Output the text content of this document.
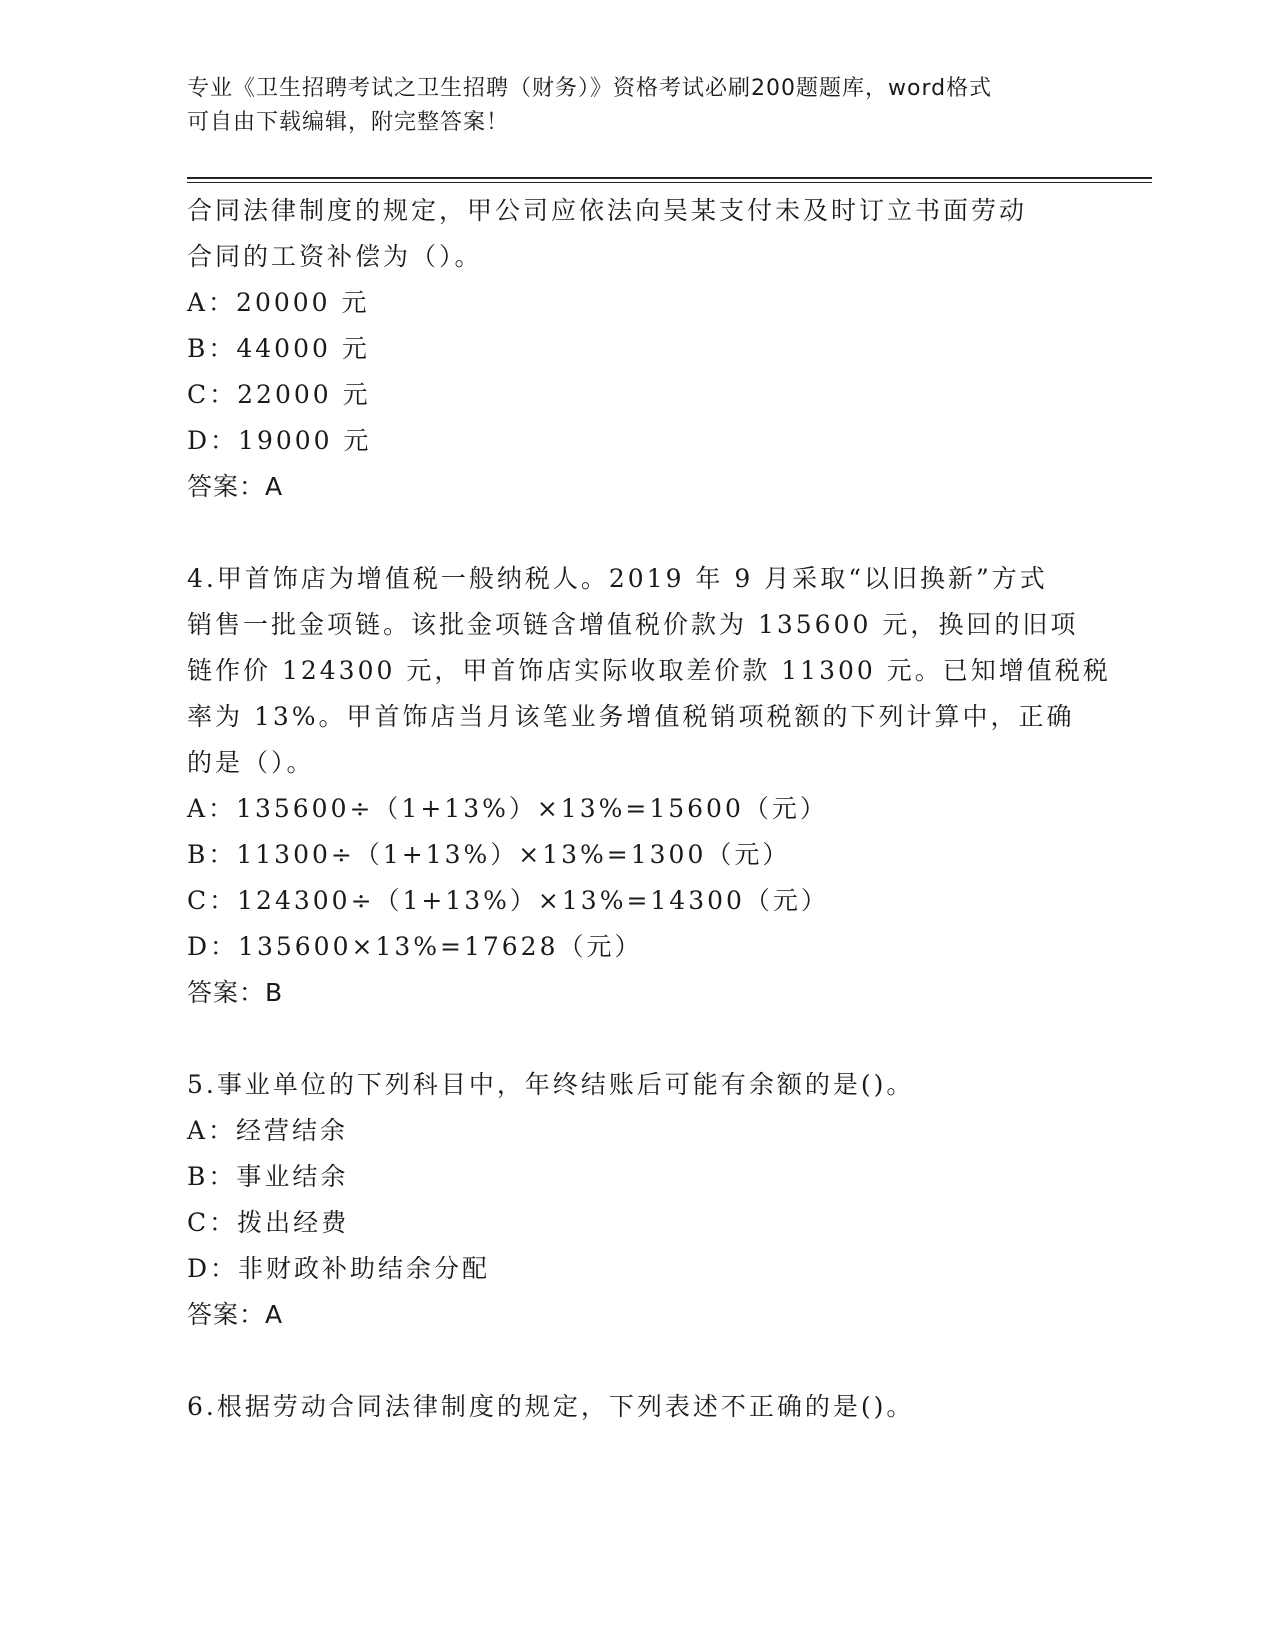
专业《卫生招聘考试之卫生招聘（财务）》资格考试必刷200题题库，word格式
可自由下载编辑，附完整答案！
合同法律制度的规定，甲公司应依法向吴某支付未及时订立书面劳动
合同的工资补偿为（）。
A：20000 元
B：44000 元
C：22000 元
D：19000 元
答案：A
4.甲首饰店为增值税一般纳税人。2019 年 9 月采取“以旧换新”方式
销售一批金项链。该批金项链含增值税价款为 135600 元，换回的旧项
链作价 124300 元，甲首饰店实际收取差价款 11300 元。已知增值税税
率为 13%。甲首饰店当月该笔业务增值税销项税额的下列计算中，正确
的是（）。
A：135600÷（1+13%）×13%=15600（元）
B：11300÷（1+13%）×13%=1300（元）
C：124300÷（1+13%）×13%=14300（元）
D：135600×13%=17628（元）
答案：B
5.事业单位的下列科目中，年终结账后可能有余额的是()。
A：经营结余
B：事业结余
C：拨出经费
D：非财政补助结余分配
答案：A
6.根据劳动合同法律制度的规定，下列表述不正确的是()。
